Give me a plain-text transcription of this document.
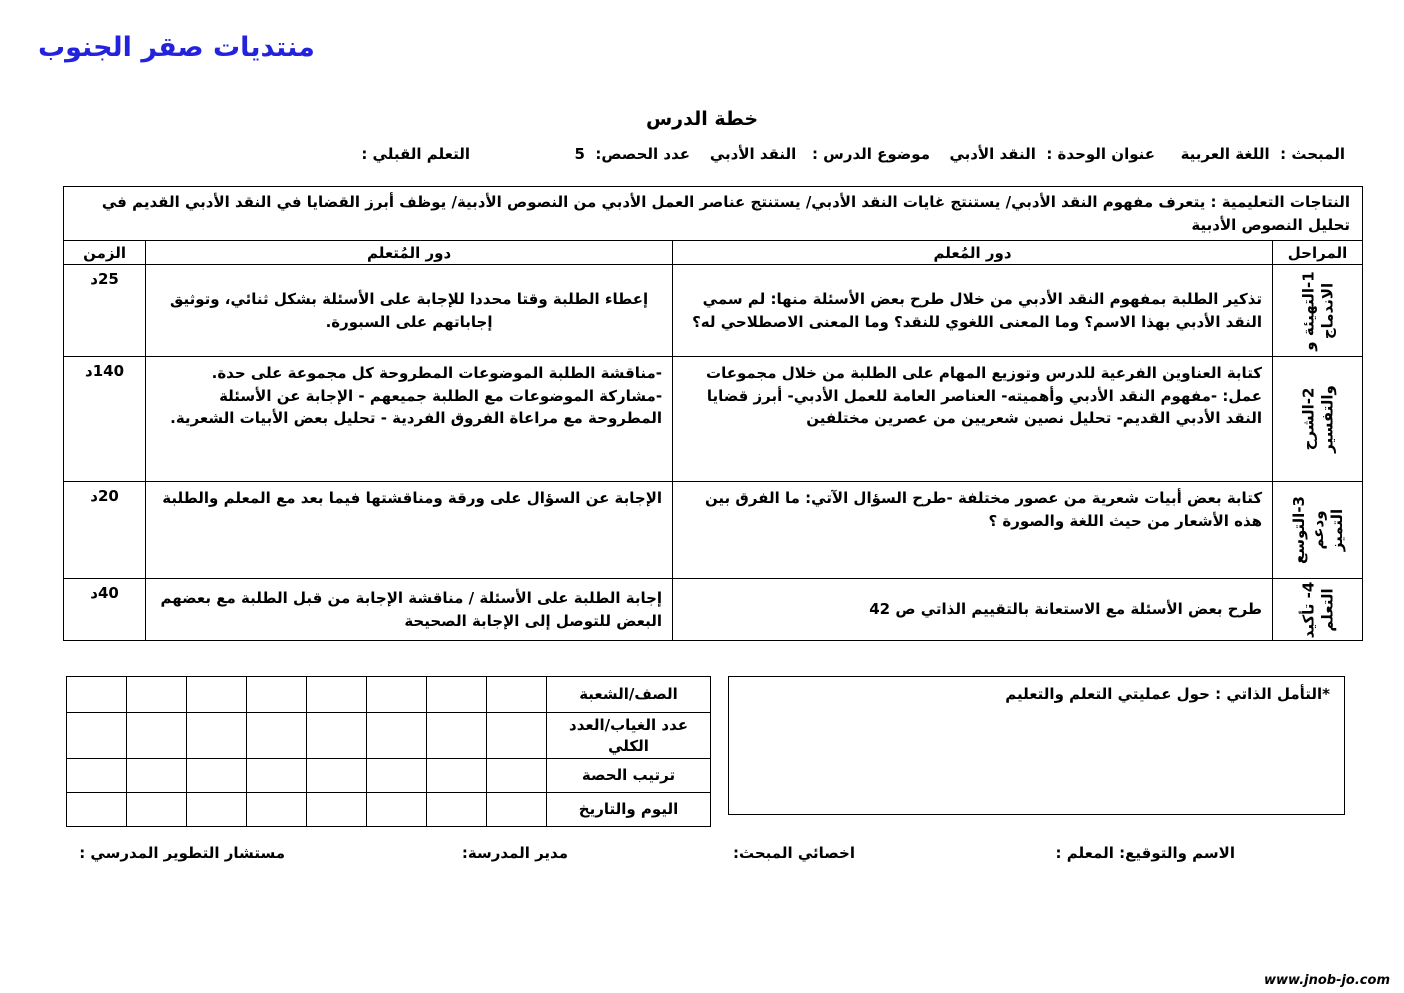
منتديات صقر الجنوب
خطة الدرس
المبحث :  اللغة العربية
عنوان الوحدة :  النقد الأدبي
موضوع الدرس :   النقد الأدبي
عدد الحصص:  5
التعلم القبلي :
النتاجات التعليمية : يتعرف مفهوم النقد الأدبي/ يستنتج غايات النقد الأدبي/ يستنتج عناصر العمل الأدبي من النصوص الأدبية/ يوظف أبرز القضايا في النقد الأدبي القديم في تحليل النصوص الأدبية			
المراحل	دور المُعلم	دور المُتعلم	الزمن

1-التهيئة و الاندماج	تذكير الطلبة بمفهوم النقد الأدبي من خلال طرح بعض الأسئلة منها: لم سمي النقد الأدبي بهذا الاسم؟ وما المعنى اللغوي للنقد؟ وما المعنى الاصطلاحي له؟	إعطاء الطلبة وقتا محددا للإجابة على الأسئلة بشكل ثنائي، وتوثيق إجاباتهم على السبورة.	25د

2-الشرح والتفسير	كتابة العناوين الفرعية للدرس وتوزيع المهام على الطلبة من خلال مجموعات عمل: -مفهوم النقد الأدبي وأهميته- العناصر العامة للعمل الأدبي- أبرز قضايا النقد الأدبي القديم- تحليل نصين شعريين من عصرين مختلفين	-مناقشة الطلبة الموضوعات المطروحة كل مجموعة على حدة. -مشاركة الموضوعات مع الطلبة جميعهم - الإجابة عن الأسئلة المطروحة مع مراعاة الفروق الفردية - تحليل بعض الأبيات الشعرية.	140د

3-التوسع ودعم التميز	كتابة بعض أبيات شعرية من عصور مختلفة -طرح السؤال الآتي: ما الفرق بين هذه الأشعار من حيث اللغة والصورة ؟	الإجابة عن السؤال على ورقة ومناقشتها فيما بعد مع المعلم والطلبة	20د

4- تأكيد التعلم	طرح بعض الأسئلة مع الاستعانة بالتقييم الذاتي ص 42	إجابة الطلبة على الأسئلة / مناقشة الإجابة من قبل الطلبة مع بعضهم البعض للتوصل إلى الإجابة الصحيحة	40د
الصف/الشعبة								
عدد الغياب/العدد الكلي								
ترتيب الحصة								
اليوم والتاريخ								
*التأمل الذاتي : حول عمليتي التعلم والتعليم
الاسم والتوقيع: المعلم :
اخصائي المبحث:
مدير المدرسة:
مستشار التطوير المدرسي :
www.jnob-jo.com
